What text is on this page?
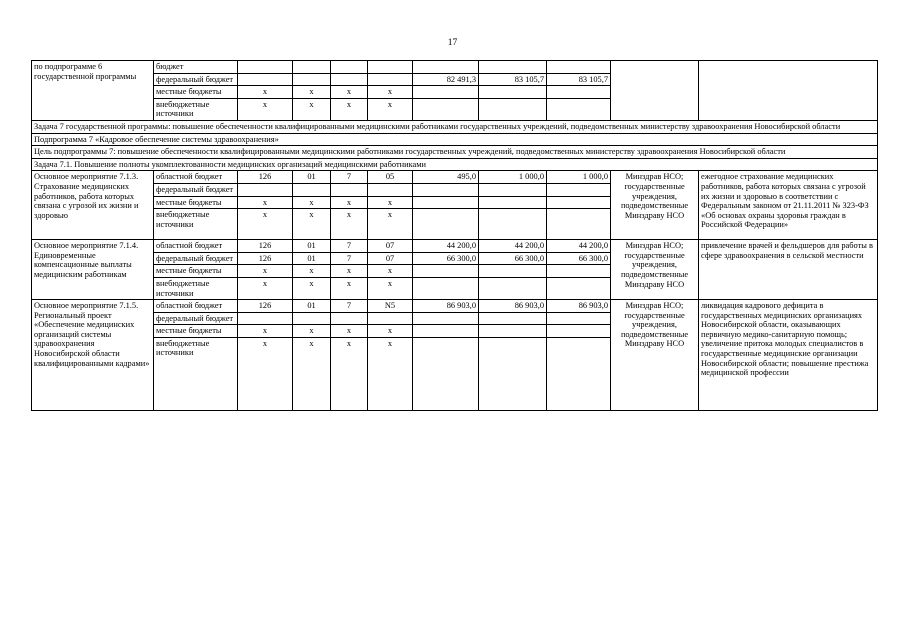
17
по подпрограмме 6 государственной программы	бюджет									
	федеральный бюджет					82 491,3	83 105,7	83 105,7		
	местные бюджеты	х	х	х	х					
	внебюджетные источники	х	х	х	х					
Задача 7 государственной программы: повышение обеспеченности квалифицированными медицинскими работниками государственных учреждений, подведомственных министерству здравоохранения Новосибирской области										
Подпрограмма 7 «Кадровое обеспечение системы здравоохранения»										
Цель подпрограммы 7: повышение обеспеченности квалифицированными медицинскими работниками государственных учреждений, подведомственных министерству здравоохранения Новосибирской области										
Задача 7.1. Повышение полноты укомплектованности медицинских организаций медицинскими работниками										
Основное мероприятие 7.1.3. Страхование медицинских работников, работа которых связана с угрозой их жизни и здоровью	областной бюджет	126	01	7	05	495,0	1 000,0	1 000,0	Минздрав НСО; государственные учреждения, подведомственные Минздраву НСО	ежегодное страхование медицинских работников, работа которых связана с угрозой их жизни и здоровью в соответствии с Федеральным законом от 21.11.2011 № 323-ФЗ «Об основах охраны здоровья граждан в Российской Федерации»
	федеральный бюджет									
	местные бюджеты	х	х	х	х					
	внебюджетные источники	х	х	х	х					
Основное мероприятие 7.1.4. Единовременные компенсационные выплаты медицинским работникам	областной бюджет	126	01	7	07	44 200,0	44 200,0	44 200,0	Минздрав НСО; государственные учреждения, подведомственные Минздраву НСО	привлечение врачей и фельдшеров для работы в сфере здравоохранения в сельской местности
	федеральный бюджет	126	01	7	07	66 300,0	66 300,0	66 300,0		
	местные бюджеты	х	х	х	х					
	внебюджетные источники	х	х	х	х					
Основное мероприятие 7.1.5. Региональный проект «Обеспечение медицинских организаций системы здравоохранения Новосибирской области квалифицированными кадрами»	областной бюджет	126	01	7	N5	86 903,0	86 903,0	86 903,0	Минздрав НСО; государственные учреждения, подведомственные Минздраву НСО	ликвидация кадрового дефицита в государственных медицинских организациях Новосибирской области, оказывающих первичную медико-санитарную помощь; увеличение притока молодых специалистов в государственные медицинские организации Новосибирской области; повышение престижа медицинской профессии
	федеральный бюджет									
	местные бюджеты	х	х	х	х					
	внебюджетные источники	х	х	х	х					
